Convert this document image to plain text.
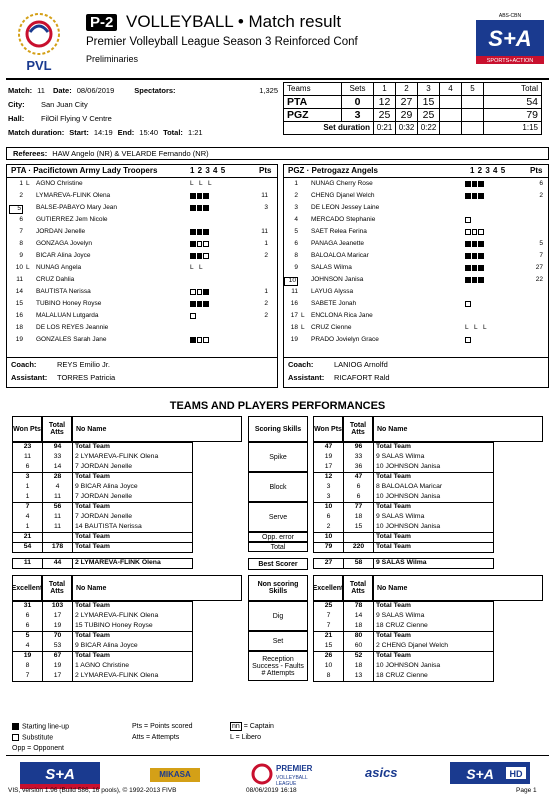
PVL
P-2 VOLLEYBALL • Match result
Premier Volleyball League Season 3 Reinforced Conf
Preliminaries
ABS-CBN
S+A
SPORTS+ACTION
Match: 11 Date: 08/06/2019	Spectators:	1,325
City:	San Juan City
Hall:	FilOil Flying V Centre
Match duration: Start: 14:19 End: 15:40 Total: 1:21
Teams	Sets	1	2	3	4	5	Total
PTA	0	12	27	15			54
PGZ	3	25	29	25			79
Set duration		0:21	0:32	0:22			1:15
Referees: HAW Angelo (NR) & VELARDE Fernando (NR)
PTA · Pacifictown Army Lady Troopers	1 2 3 4 5	Pts PGZ · Petrogazz Angels	1 2 3 4 5	Pts
1 L AGNO Christine	L L L
2 LYMAREVA-FLINK Olena	11
5	BALSE-PABAYO Mary Jean	3
6 GUTIERREZ Jem Nicole
7 JORDAN Jenelle	11
8 GONZAGA Jovelyn	1
9 BICAR Alina Joyce	2
10 L NUNAG Angela	L L
11 CRUZ Dahlia
14 BAUTISTA Nerissa	1
15 TUBINO Honey Royse	2
16 MALALUAN Lutgarda	2
18 DE LOS REYES Jeannie
19 GONZALES Sarah Jane
1 NUNAG Cherry Rose	6
2 CHENG Djanel Welch	2
3 DE LEON Jessey Laine
4 MERCADO Stephanie
5 SAET Relea Ferina
6 PANAGA Jeanette	5
8 BALOALOA Maricar	7
9 SALAS Wilma	27
10	JOHNSON Janisa	22
11 LAYUG Alyssa
16 SABETE Jonah
17 L ENCLONA Rica Jane
18 L CRUZ Cienne	L L L
19 PRADO Jovielyn Grace
Coach:	REYS Emilio Jr.
Assistant: TORRES Patricia
Coach:	LANIOG Arnolfd
Assistant: RICAFORT Rald
TEAMS AND PLAYERS PERFORMANCES
Won Pts	Total Atts	No Name	Won Pts	Total Atts	No Name
Scoring Skills
23	94	Total Team
11	33	2 LYMAREVA-FLINK Olena
6	14	7 JORDAN Jenelle
47	96	Total Team
19	33	9 SALAS Wilma
17	36	10 JOHNSON Janisa
Spike
3	28	Total Team
1	4	9 BICAR Alina Joyce
1	11	7 JORDAN Jenelle
12	47	Total Team
3	6	8 BALOALOA Maricar
3	6	10 JOHNSON Janisa
Block
7	56	Total Team
4	11	7 JORDAN Jenelle
1	11	14 BAUTISTA Nerissa
10	77	Total Team
6	18	9 SALAS Wilma
2	15	10 JOHNSON Janisa
Serve
21		Total Team	10		Total Team
Opp. error
54	178	Total Team	79	220	Total Team
Total
11	44	2 LYMAREVA-FLINK Olena	27	58	9 SALAS Wilma
Best Scorer
Excellent Total Atts	No Name	Excellent Total Atts	No Name
Non scoring Skills
31	103	Total Team
6	17	2 LYMAREVA-FLINK Olena
6	19	15 TUBINO Honey Royse
25	78	Total Team
7	14	9 SALAS Wilma
7	18	18 CRUZ Cienne
Dig
5	70	Total Team
4	53	9 BICAR Alina Joyce
21	80	Total Team
15	60	2 CHENG Djanel Welch
Set
19	67	Total Team
8	19	1 AGNO Christine
7	17	2 LYMAREVA-FLINK Olena
26	52	Total Team
10	18	10 JOHNSON Janisa
8	13	18 CRUZ Cienne
Reception
Success - Faults
# Attempts
Starting line-up
Substitute
Opp = Opponent
Pts = Points scored
Atts = Attempts
nn = Captain
L = Libero
S+A	MIKASA
PREMIER
VOLLEYBALL
LEAGUE
asics	S+A HD
VIS, version 1.96 (Build 586, 16 pools), © 1992-2013 FIVB	08/06/2019 16:18	Page 1
